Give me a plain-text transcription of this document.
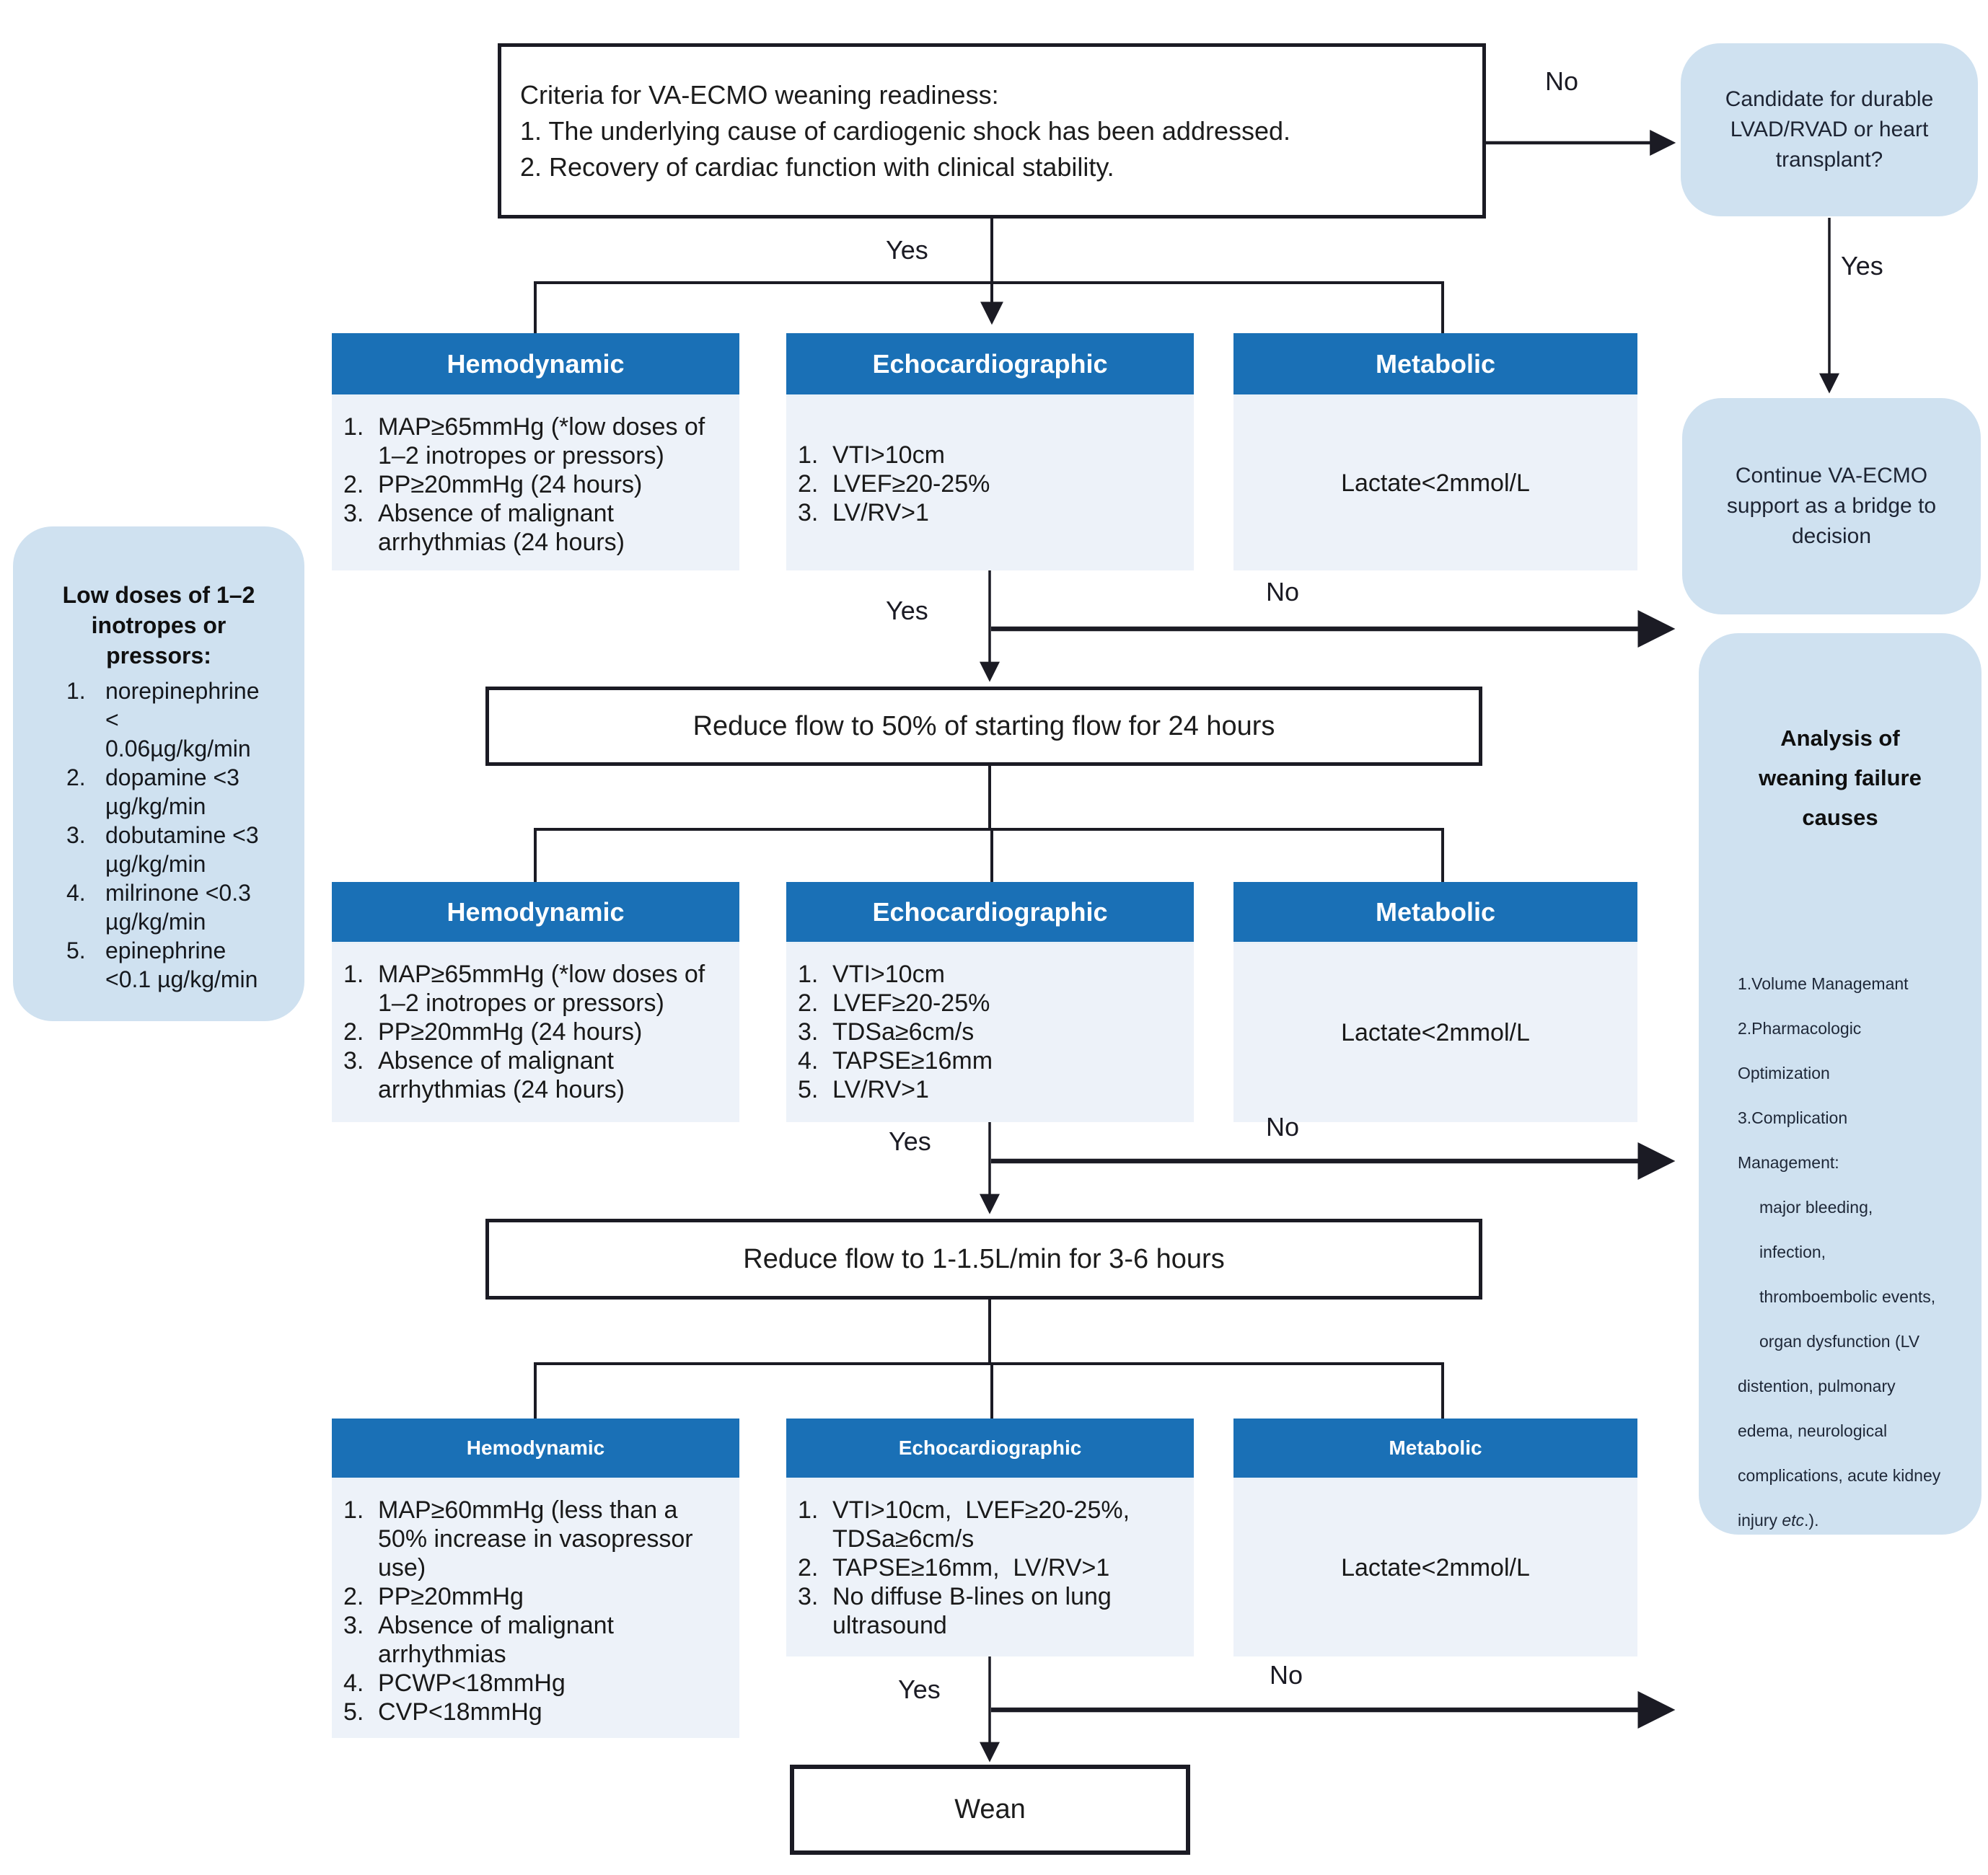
Criteria for VA-ECMO weaning readiness:
1. The underlying cause of cardiogenic shock has been addressed.
2. Recovery of cardiac function with clinical stability.
Candidate for durable LVAD/RVAD or heart transplant?
Continue VA-ECMO support as a bridge to decision
Hemodynamic
MAP≥65mmHg (*low doses of 1–2 inotropes or pressors)
PP≥20mmHg (24 hours)
Absence of malignant arrhythmias (24 hours)
Echocardiographic
VTI>10cm
LVEF≥20-25%
LV/RV>1
Metabolic
Lactate<2mmol/L
Reduce flow to 50% of starting flow for 24 hours
Hemodynamic
MAP≥65mmHg (*low doses of 1–2 inotropes or pressors)
PP≥20mmHg (24 hours)
Absence of malignant arrhythmias (24 hours)
Echocardiographic
VTI>10cm
LVEF≥20-25%
TDSa≥6cm/s
TAPSE≥16mm
LV/RV>1
Metabolic
Lactate<2mmol/L
Reduce flow to 1-1.5L/min for 3-6 hours
Hemodynamic
MAP≥60mmHg (less than a 50% increase in vasopressor use)
PP≥20mmHg
Absence of malignant arrhythmias
PCWP<18mmHg
CVP<18mmHg
Echocardiographic
VTI>10cm,  LVEF≥20-25%, TDSa≥6cm/s
TAPSE≥16mm,  LV/RV>1
No diffuse B-lines on lung ultrasound
Metabolic
Lactate<2mmol/L
Wean
Low doses of 1–2 inotropes or pressors:
norepinephrine < 0.06µg/kg/min
dopamine <3 µg/kg/min
dobutamine <3 µg/kg/min
milrinone <0.3 µg/kg/min
epinephrine <0.1 µg/kg/min
Analysis of weaning failure causes
1.Volume Managemant
2.Pharmacologic Optimization
3.Complication Management:
major bleeding,
infection,
thromboembolic events,
organ dysfunction (LV
distention, pulmonary
edema, neurological
complications, acute kidney
injury etc.).
No
Yes
Yes
Yes
No
Yes	No
Yes	No
